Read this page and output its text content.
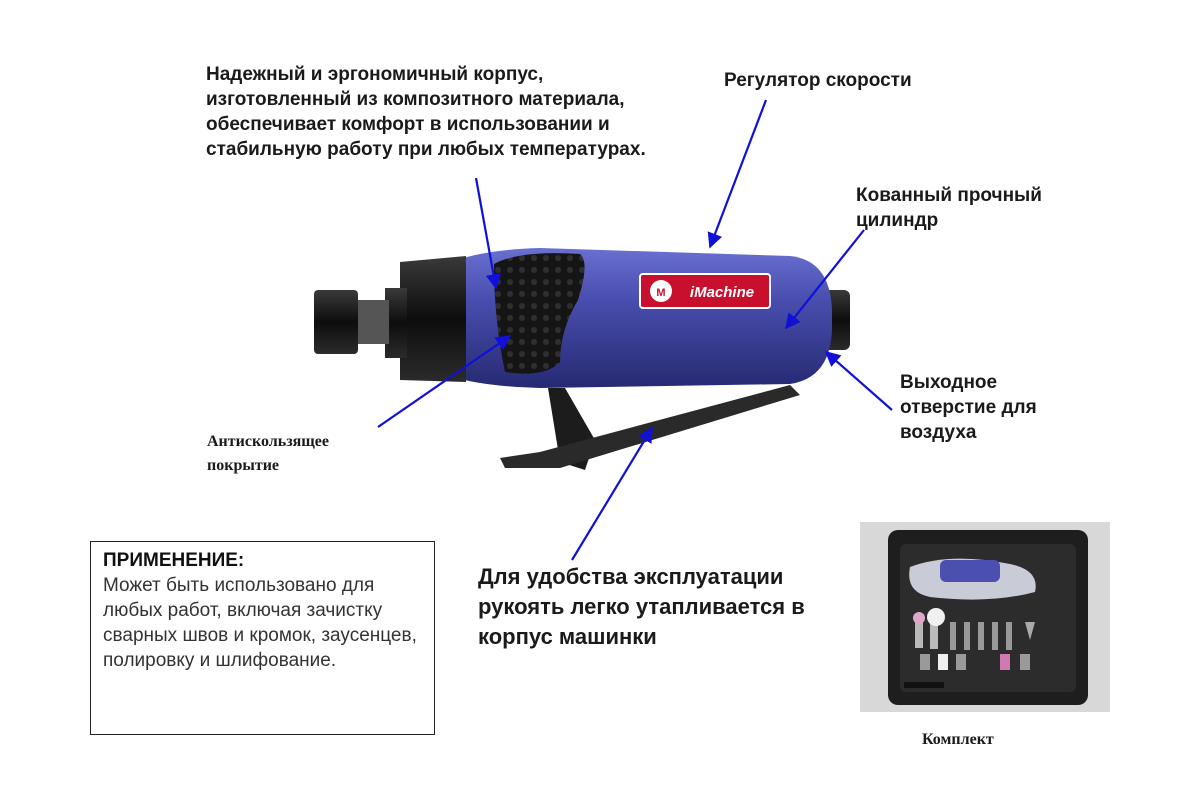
M iMachine
Надежный и эргономичный корпус, изготовленный из композитного материала, обеспечивает комфорт в использовании и стабильную работу при любых температурах.
Регулятор скорости
Кованный прочный цилиндр
Выходное отверстие для воздуха
Антискользящее покрытие
Для удобства эксплуатации рукоять легко утапливается в корпус машинки
ПРИМЕНЕНИЕ:
Может быть использовано для любых работ, включая зачистку сварных швов и кромок, заусенцев, полировку и шлифование.
Комплект
